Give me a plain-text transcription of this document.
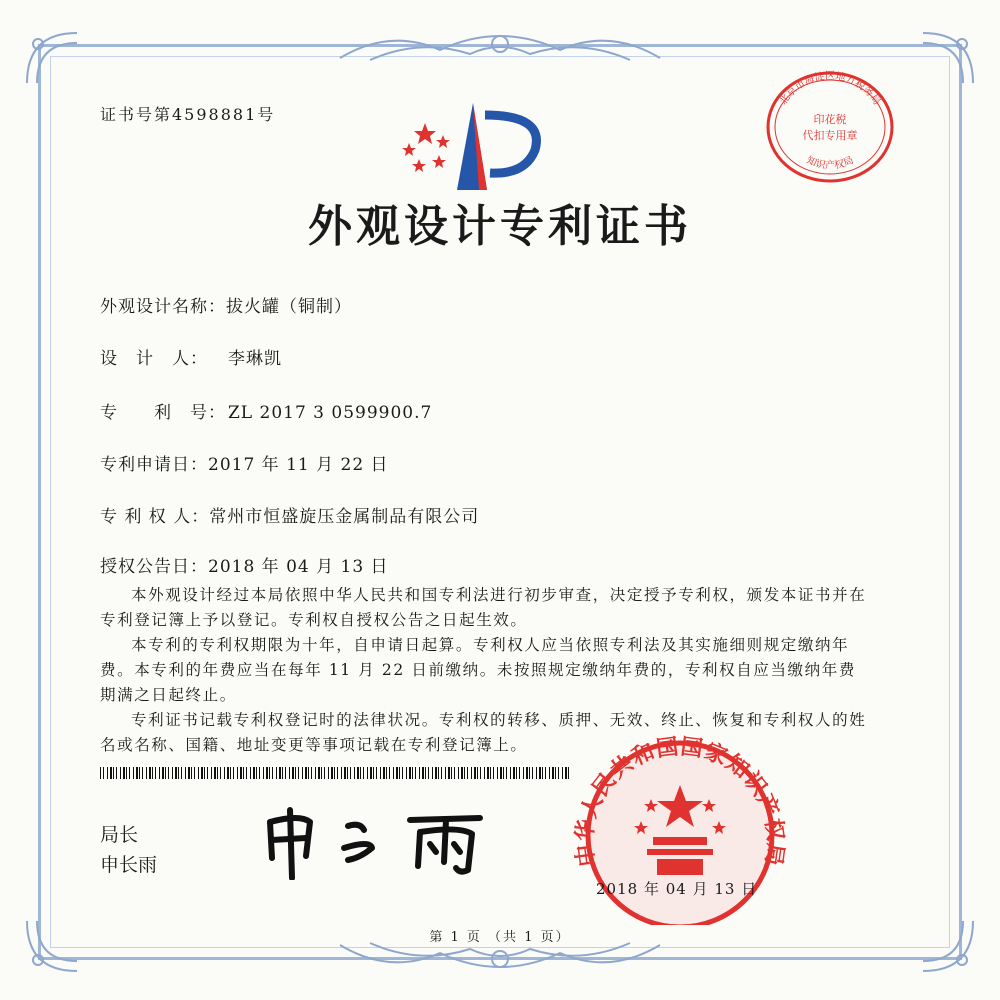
证书号第4598881号
外观设计专利证书
外观设计名称：拔火罐（铜制）
设　计　人： 李琳凯
专　　利　号： ZL 2017 3 0599900.7
专利申请日：2017 年 11 月 22 日
专 利 权 人：常州市恒盛旋压金属制品有限公司
授权公告日：2018 年 04 月 13 日

本外观设计经过本局依照中华人民共和国专利法进行初步审查，决定授予专利权，颁发本证书并在专利登记簿上予以登记。专利权自授权公告之日起生效。

本专利的专利权期限为十年，自申请日起算。专利权人应当依照专利法及其实施细则规定缴纳年费。本专利的年费应当在每年 11 月 22 日前缴纳。未按照规定缴纳年费的，专利权自应当缴纳年费期满之日起终止。

专利证书记载专利权登记时的法律状况。专利权的转移、质押、无效、终止、恢复和专利权人的姓名或名称、国籍、地址变更等事项记载在专利登记簿上。

局长
申长雨	中华人民共和国国家知识产权局
2018 年 04 月 13 日
北京市海淀区地方税务局
印花税
代扣专用章
知识产权局
第 1 页 （共 1 页）
